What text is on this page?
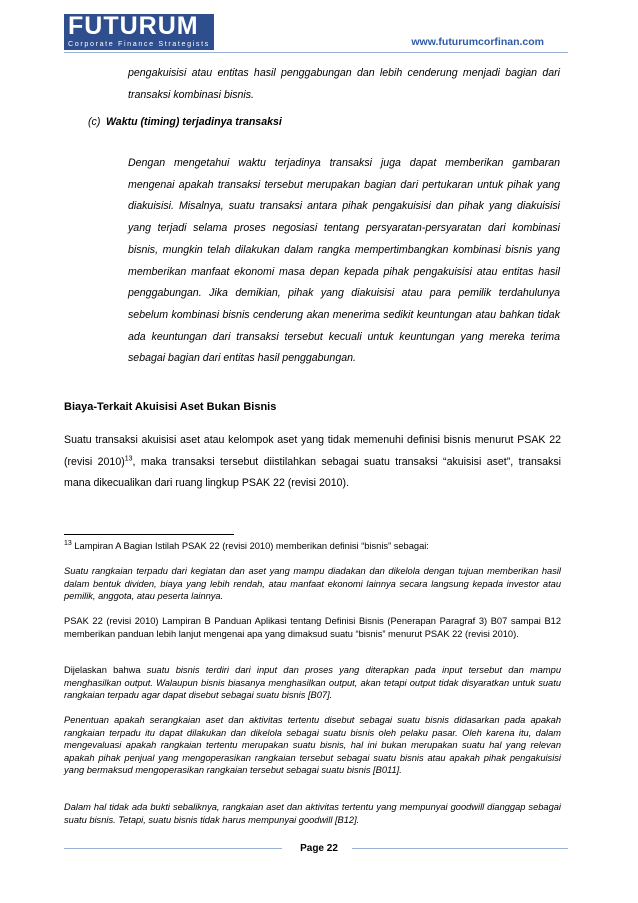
FUTURUM
Corporate Finance Strategists	www.futurumcorfinan.com
pengakuisisi atau entitas hasil penggabungan dan lebih cenderung menjadi bagian dari transaksi kombinasi bisnis.
(c) Waktu (timing) terjadinya transaksi
Dengan mengetahui waktu terjadinya transaksi juga dapat memberikan gambaran mengenai apakah transaksi tersebut merupakan bagian dari pertukaran untuk pihak yang diakuisisi. Misalnya, suatu transaksi antara pihak pengakuisisi dan pihak yang diakuisisi yang terjadi selama proses negosiasi tentang persyaratan-persyaratan dari kombinasi bisnis, mungkin telah dilakukan dalam rangka mempertimbangkan kombinasi bisnis yang memberikan manfaat ekonomi masa depan kepada pihak pengakuisisi atau entitas hasil penggabungan. Jika demikian, pihak yang diakuisisi atau para pemilik terdahulunya sebelum kombinasi bisnis cenderung akan menerima sedikit keuntungan atau bahkan tidak ada keuntungan dari transaksi tersebut kecuali untuk keuntungan yang mereka terima sebagai bagian dari entitas hasil penggabungan.
Biaya-Terkait Akuisisi Aset Bukan Bisnis
Suatu transaksi akuisisi aset atau kelompok aset yang tidak memenuhi definisi bisnis menurut PSAK 22 (revisi 2010)$^{13}$, maka transaksi tersebut diistilahkan sebagai suatu transaksi “akuisisi aset”, transaksi mana dikecualikan dari ruang lingkup PSAK 22 (revisi 2010).
$^{13}$ Lampiran A Bagian Istilah PSAK 22 (revisi 2010) memberikan definisi “bisnis” sebagai:
Suatu rangkaian terpadu dari kegiatan dan aset yang mampu diadakan dan dikelola dengan tujuan memberikan hasil dalam bentuk dividen, biaya yang lebih rendah, atau manfaat ekonomi lainnya secara langsung kepada investor atau pemilik, anggota, atau peserta lainnya.
PSAK 22 (revisi 2010) Lampiran B Panduan Aplikasi tentang Definisi Bisnis (Penerapan Paragraf 3) B07 sampai B12 memberikan panduan lebih lanjut mengenai apa yang dimaksud suatu “bisnis” menurut PSAK 22 (revisi 2010).
Dijelaskan bahwa suatu bisnis terdiri dari input dan proses yang diterapkan pada input tersebut dan mampu menghasilkan output. Walaupun bisnis biasanya menghasilkan output, akan tetapi output tidak disyaratkan untuk suatu rangkaian terpadu agar dapat disebut sebagai suatu bisnis [B07].
Penentuan apakah serangkaian aset dan aktivitas tertentu disebut sebagai suatu bisnis didasarkan pada apakah rangkaian terpadu itu dapat dilakukan dan dikelola sebagai suatu bisnis oleh pelaku pasar. Oleh karena itu, dalam mengevaluasi apakah rangkaian tertentu merupakan suatu bisnis, hal ini bukan merupakan suatu hal yang relevan apakah pihak penjual yang mengoperasikan rangkaian tersebut sebagai suatu bisnis atau apakah pihak pengakuisisi yang bermaksud mengoperasikan rangkaian tersebut sebagai suatu bisnis [B011].
Dalam hal tidak ada bukti sebaliknya, rangkaian aset dan aktivitas tertentu yang mempunyai goodwill dianggap sebagai suatu bisnis. Tetapi, suatu bisnis tidak harus mempunyai goodwill [B12].
Page 22
